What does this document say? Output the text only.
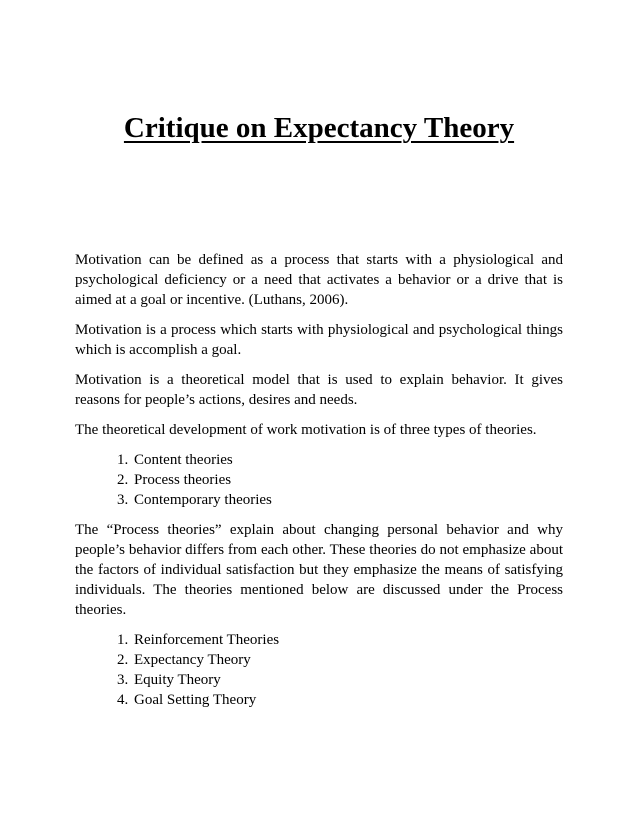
Critique on Expectancy Theory

Motivation can be defined as a process that starts with a physiological and psychological deficiency or a need that activates a behavior or a drive that is aimed at a goal or incentive. (Luthans, 2006).

Motivation is a process which starts with physiological and psychological things which is accomplish a goal.

Motivation is a theoretical model that is used to explain behavior. It gives reasons for people’s actions, desires and needs.

The theoretical development of work motivation is of three types of theories.

1. Content theories
2. Process theories
3. Contemporary theories

The “Process theories” explain about changing personal behavior and why people’s behavior differs from each other. These theories do not emphasize about the factors of individual satisfaction but they emphasize the means of satisfying individuals. The theories mentioned below are discussed under the Process theories.

1. Reinforcement Theories
2. Expectancy Theory
3. Equity Theory
4. Goal Setting Theory
